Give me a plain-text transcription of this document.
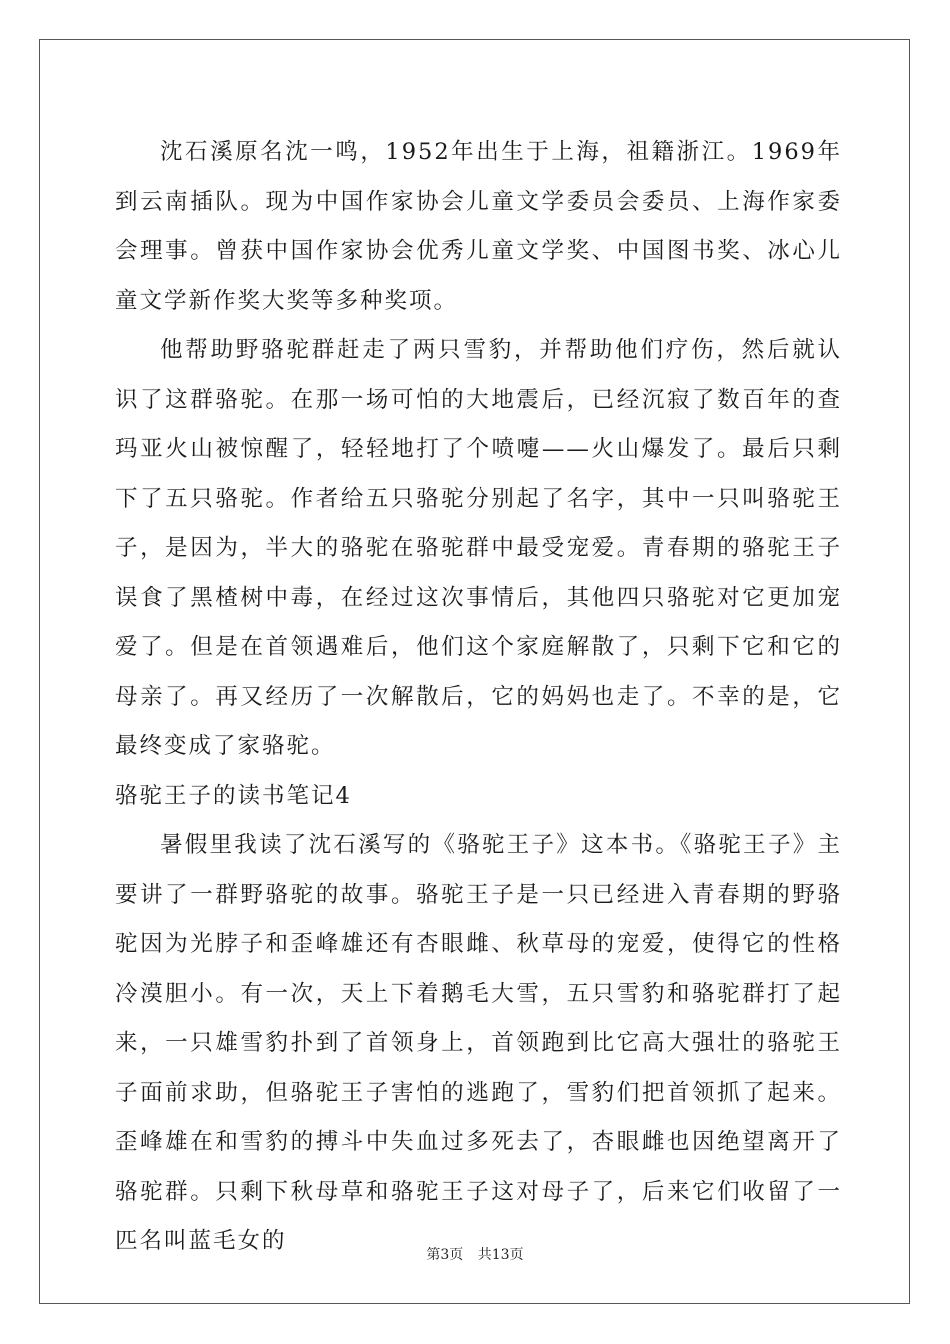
沈石溪原名沈一鸣，1952年出生于上海，祖籍浙江。1969年到云南插队。现为中国作家协会儿童文学委员会委员、上海作家委会理事。曾获中国作家协会优秀儿童文学奖、中国图书奖、冰心儿童文学新作奖大奖等多种奖项。

他帮助野骆驼群赶走了两只雪豹，并帮助他们疗伤，然后就认识了这群骆驼。在那一场可怕的大地震后，已经沉寂了数百年的查玛亚火山被惊醒了，轻轻地打了个喷嚏——火山爆发了。最后只剩下了五只骆驼。作者给五只骆驼分别起了名字，其中一只叫骆驼王子，是因为，半大的骆驼在骆驼群中最受宠爱。青春期的骆驼王子误食了黑楂树中毒，在经过这次事情后，其他四只骆驼对它更加宠爱了。但是在首领遇难后，他们这个家庭解散了，只剩下它和它的母亲了。再又经历了一次解散后，它的妈妈也走了。不幸的是，它最终变成了家骆驼。

骆驼王子的读书笔记4

暑假里我读了沈石溪写的《骆驼王子》这本书。《骆驼王子》主要讲了一群野骆驼的故事。骆驼王子是一只已经进入青春期的野骆驼因为光脖子和歪峰雄还有杏眼雌、秋草母的宠爱，使得它的性格冷漠胆小。有一次，天上下着鹅毛大雪，五只雪豹和骆驼群打了起来，一只雄雪豹扑到了首领身上，首领跑到比它高大强壮的骆驼王子面前求助，但骆驼王子害怕的逃跑了，雪豹们把首领抓了起来。歪峰雄在和雪豹的搏斗中失血过多死去了，杏眼雌也因绝望离开了骆驼群。只剩下秋母草和骆驼王子这对母子了，后来它们收留了一匹名叫蓝毛女的

第3页 共13页
